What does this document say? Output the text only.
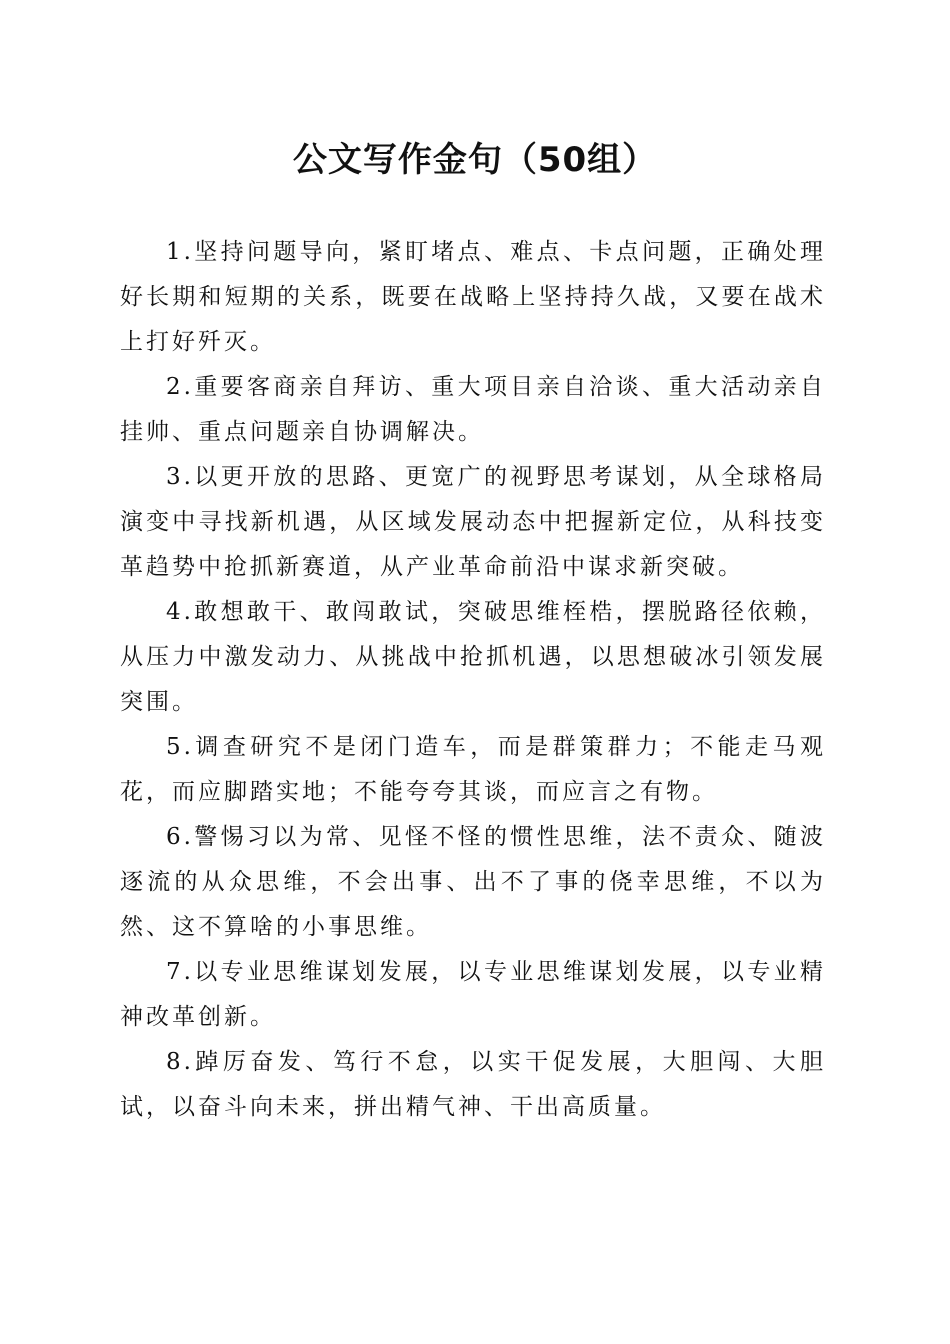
公文写作金句（50组）

1.坚持问题导向，紧盯堵点、难点、卡点问题，正确处理好长期和短期的关系，既要在战略上坚持持久战，又要在战术上打好歼灭。

2.重要客商亲自拜访、重大项目亲自洽谈、重大活动亲自挂帅、重点问题亲自协调解决。

3.以更开放的思路、更宽广的视野思考谋划，从全球格局演变中寻找新机遇，从区域发展动态中把握新定位，从科技变革趋势中抢抓新赛道，从产业革命前沿中谋求新突破。

4.敢想敢干、敢闯敢试，突破思维桎梏，摆脱路径依赖，从压力中激发动力、从挑战中抢抓机遇，以思想破冰引领发展突围。

5.调查研究不是闭门造车，而是群策群力；不能走马观花，而应脚踏实地；不能夸夸其谈，而应言之有物。

6.警惕习以为常、见怪不怪的惯性思维，法不责众、随波逐流的从众思维，不会出事、出不了事的侥幸思维，不以为然、这不算啥的小事思维。

7.以专业思维谋划发展，以专业思维谋划发展，以专业精神改革创新。

8.踔厉奋发、笃行不怠，以实干促发展，大胆闯、大胆试，以奋斗向未来，拼出精气神、干出高质量。
